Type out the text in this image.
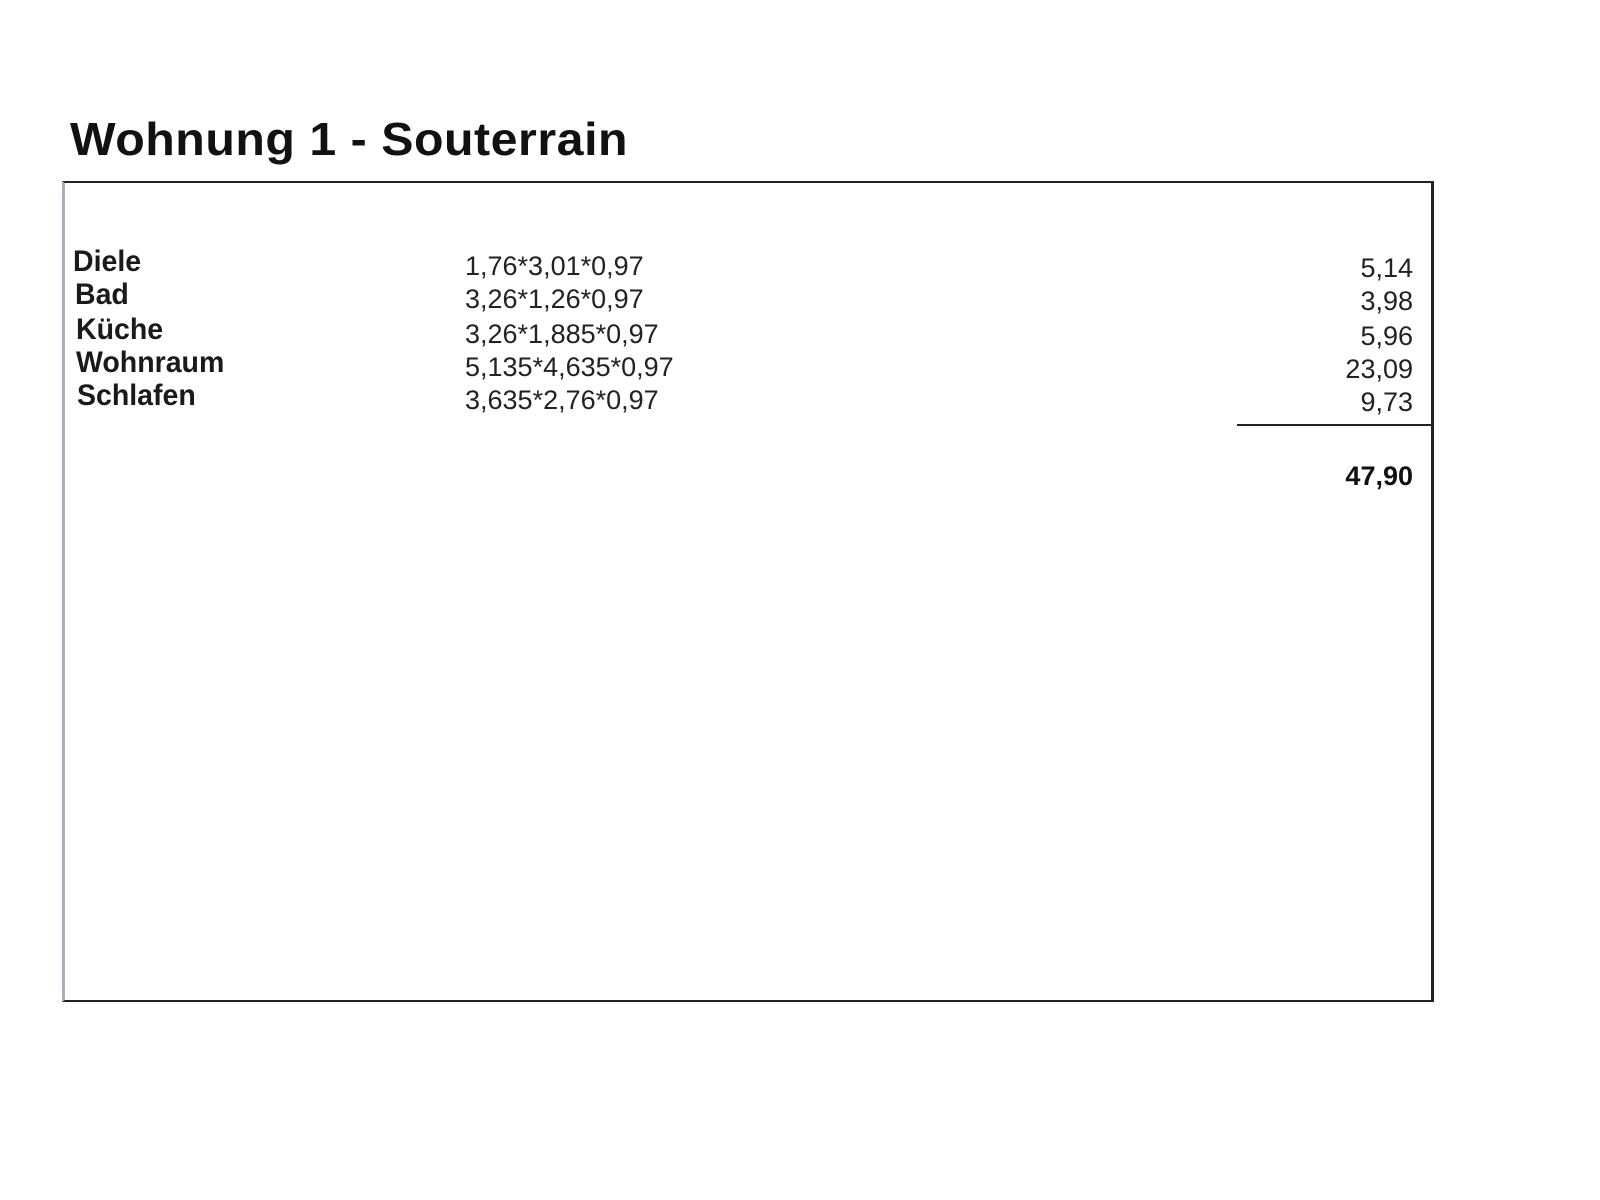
Wohnung 1 - Souterrain
Diele	1,76*3,01*0,97	5,14
Bad	3,26*1,26*0,97	3,98
Küche	3,26*1,885*0,97	5,96
Wohnraum	5,135*4,635*0,97	23,09
Schlafen	3,635*2,76*0,97	9,73
47,90
